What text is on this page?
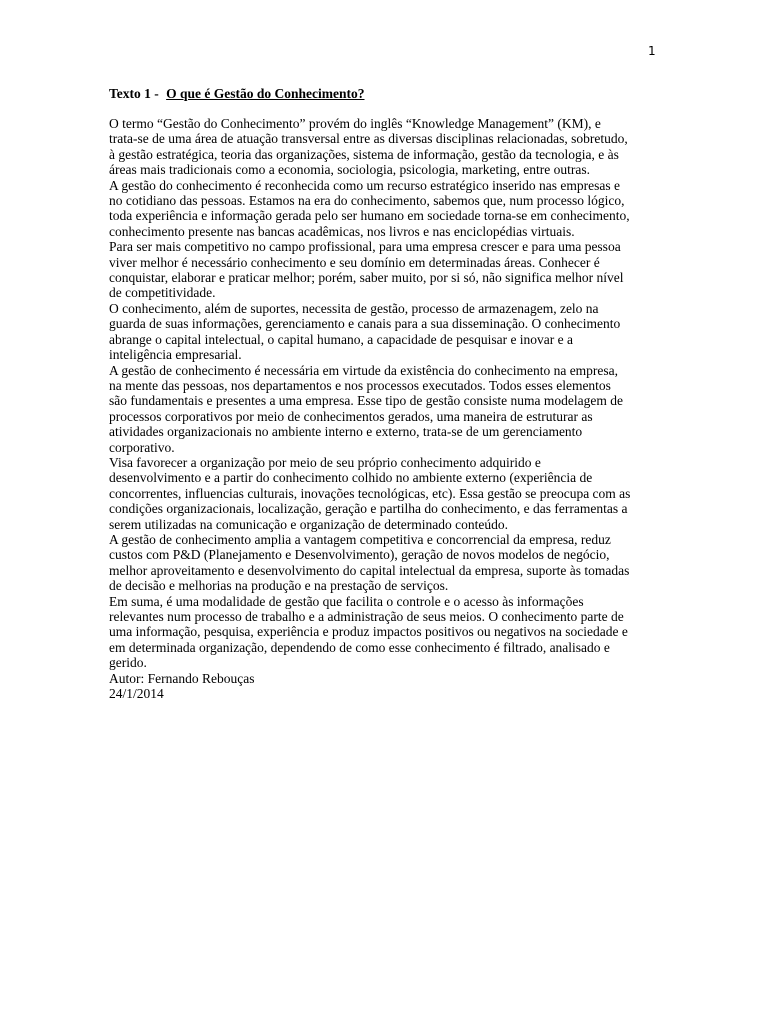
1
Texto 1 - O que é Gestão do Conhecimento?
O termo “Gestão do Conhecimento” provém do inglês “Knowledge Management” (KM), e
trata-se de uma área de atuação transversal entre as diversas disciplinas relacionadas, sobretudo,
à gestão estratégica, teoria das organizações, sistema de informação, gestão da tecnologia, e às
áreas mais tradicionais como a economia, sociologia, psicologia, marketing, entre outras.
A gestão do conhecimento é reconhecida como um recurso estratégico inserido nas empresas e
no cotidiano das pessoas. Estamos na era do conhecimento, sabemos que, num processo lógico,
toda experiência e informação gerada pelo ser humano em sociedade torna-se em conhecimento,
conhecimento presente nas bancas acadêmicas, nos livros e nas enciclopédias virtuais.
Para ser mais competitivo no campo profissional, para uma empresa crescer e para uma pessoa
viver melhor é necessário conhecimento e seu domínio em determinadas áreas. Conhecer é
conquistar, elaborar e praticar melhor; porém, saber muito, por si só, não significa melhor nível
de competitividade.
O conhecimento, além de suportes, necessita de gestão, processo de armazenagem, zelo na
guarda de suas informações, gerenciamento e canais para a sua disseminação. O conhecimento
abrange o capital intelectual, o capital humano, a capacidade de pesquisar e inovar e a
inteligência empresarial.
A gestão de conhecimento é necessária em virtude da existência do conhecimento na empresa,
na mente das pessoas, nos departamentos e nos processos executados. Todos esses elementos
são fundamentais e presentes a uma empresa. Esse tipo de gestão consiste numa modelagem de
processos corporativos por meio de conhecimentos gerados, uma maneira de estruturar as
atividades organizacionais no ambiente interno e externo, trata-se de um gerenciamento
corporativo.
Visa favorecer a organização por meio de seu próprio conhecimento adquirido e
desenvolvimento e a partir do conhecimento colhido no ambiente externo (experiência de
concorrentes, influencias culturais, inovações tecnológicas, etc). Essa gestão se preocupa com as
condições organizacionais, localização, geração e partilha do conhecimento, e das ferramentas a
serem utilizadas na comunicação e organização de determinado conteúdo.
A gestão de conhecimento amplia a vantagem competitiva e concorrencial da empresa, reduz
custos com P&D (Planejamento e Desenvolvimento), geração de novos modelos de negócio,
melhor aproveitamento e desenvolvimento do capital intelectual da empresa, suporte às tomadas
de decisão e melhorias na produção e na prestação de serviços.
Em suma, é uma modalidade de gestão que facilita o controle e o acesso às informações
relevantes num processo de trabalho e a administração de seus meios. O conhecimento parte de
uma informação, pesquisa, experiência e produz impactos positivos ou negativos na sociedade e
em determinada organização, dependendo de como esse conhecimento é filtrado, analisado e
gerido.
Autor: Fernando Rebouças
24/1/2014
